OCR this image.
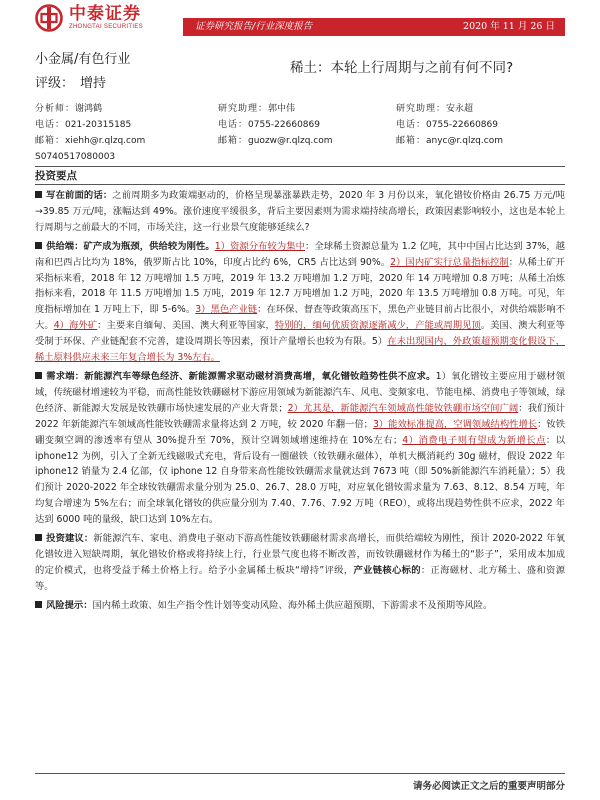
中泰证券
ZHONGTAI SECURITIES	证券研究报告/行业深度报告	2020 年 11 月 26 日
小金属/有色行业
评级： 增持
稀土：本轮上行周期与之前有何不同?
分析师：谢鸿鹤
电话：021-20315185
邮箱：xiehh@r.qlzq.com
S0740517080003
研究助理：郭中伟
电话：0755-22660869
邮箱：guozw@r.qlzq.com
研究助理：安永超
电话：0755-22660869
邮箱：anyc@r.qlzq.com
投资要点
写在前面的话：之前周期多为政策端驱动的，价格呈现暴涨暴跌走势，2020 年 3 月份以来，氧化镨钕价格由 26.75 万元/吨→39.85 万元/吨，涨幅达到 49%。涨价速度平缓很多，背后主要因素则为需求端持续高增长，政策因素影响较小，这也是本轮上行周期与之前最大的不同，市场关注，这一行业景气度能够延续么?
供给端：矿产成为瓶颈，供给较为刚性。1）资源分布较为集中：全球稀土资源总量为 1.2 亿吨，其中中国占比达到 37%，越南和巴西占比均为 18%，俄罗斯占比 10%，印度占比约 6%，CR5 占比达到 90%。2）国内矿实行总量指标控制：从稀土矿开采指标来看，2018 年 12 万吨增加 1.5 万吨，2019 年 13.2 万吨增加 1.2 万吨，2020 年 14 万吨增加 0.8 万吨；从稀土冶炼指标来看，2018 年 11.5 万吨增加 1.5 万吨，2019 年 12.7 万吨增加 1.2 万吨，2020 年 13.5 万吨增加 0.8 万吨。可见，年度指标增加在 1 万吨上下，即 5-6%。3）黑色产业链：在环保、督查等政策高压下，黑色产业链目前占比很小，对供给端影响不大。4）海外矿：主要来自缅甸、美国、澳大利亚等国家，特别的，缅甸优质资源逐渐减少，产能或周期见顶。美国、澳大利亚等受制于环保、产业链配套不完善，建设周期长等因素，预计产量增长也较为有限。5）在未出现国内、外政策超预期变化假设下，稀土原料供应未来三年复合增长为 3%左右。
需求端：新能源汽车等绿色经济、新能源需求驱动磁材消费高增，氧化镨钕趋势性供不应求。1）氧化镨钕主要应用于磁材领域，传统磁材增速较为平稳，而高性能钕铁硼磁材下游应用领域为新能源汽车、风电、变频家电、节能电梯、消费电子等领域，绿色经济、新能源大发展是钕铁硼市场快速发展的产业大背景；2）尤其是，新能源汽车领域高性能钕铁硼市场空间广阔：我们预计 2022 年新能源汽车领域高性能钕铁硼需求量将达到 2 万吨，较 2020 年翻一倍；3）能效标准提高，空调领域结构性增长：钕铁硼变频空调的渗透率有望从 30%提升至 70%，预计空调领域增速维持在 10%左右；4）消费电子则有望成为新增长点：以 iphone12 为例，引入了全新无线磁吸式充电，背后设有一圈磁铁（钕铁硼永磁体），单机大概消耗约 30g 磁材，假设 2022 年 iphone12 销量为 2.4 亿部，仅 iphone 12 自身带来高性能钕铁硼需求量就达到 7673 吨（即 50%新能源汽车消耗量）；5）我们预计 2020-2022 年全球钕铁硼需求量分别为 25.0、26.7、28.0 万吨，对应氧化镨钕需求量为 7.63、8.12、8.54 万吨，年均复合增速为 5%左右；而全球氧化镨钕的供应量分别为 7.40、7.76、7.92 万吨（REO），或将出现趋势性供不应求，2022 年达到 6000 吨的量级，缺口达到 10%左右。
投资建议：新能源汽车、家电、消费电子驱动下游高性能钕铁硼磁材需求高增长，而供给端较为刚性，预计 2020-2022 年氧化镨钕进入短缺周期，氧化镨钕价格或将持续上行，行业景气度也将不断改善，而钕铁硼磁材作为稀土的“影子”，采用成本加成的定价模式，也将受益于稀土价格上行。给予小金属稀土板块“增持”评级，产业链核心标的：正海磁材、北方稀土、盛和资源等。
风险提示：国内稀土政策、如生产指令性计划等变动风险、海外稀土供应超预期、下游需求不及预期等风险。
请务必阅读正文之后的重要声明部分
